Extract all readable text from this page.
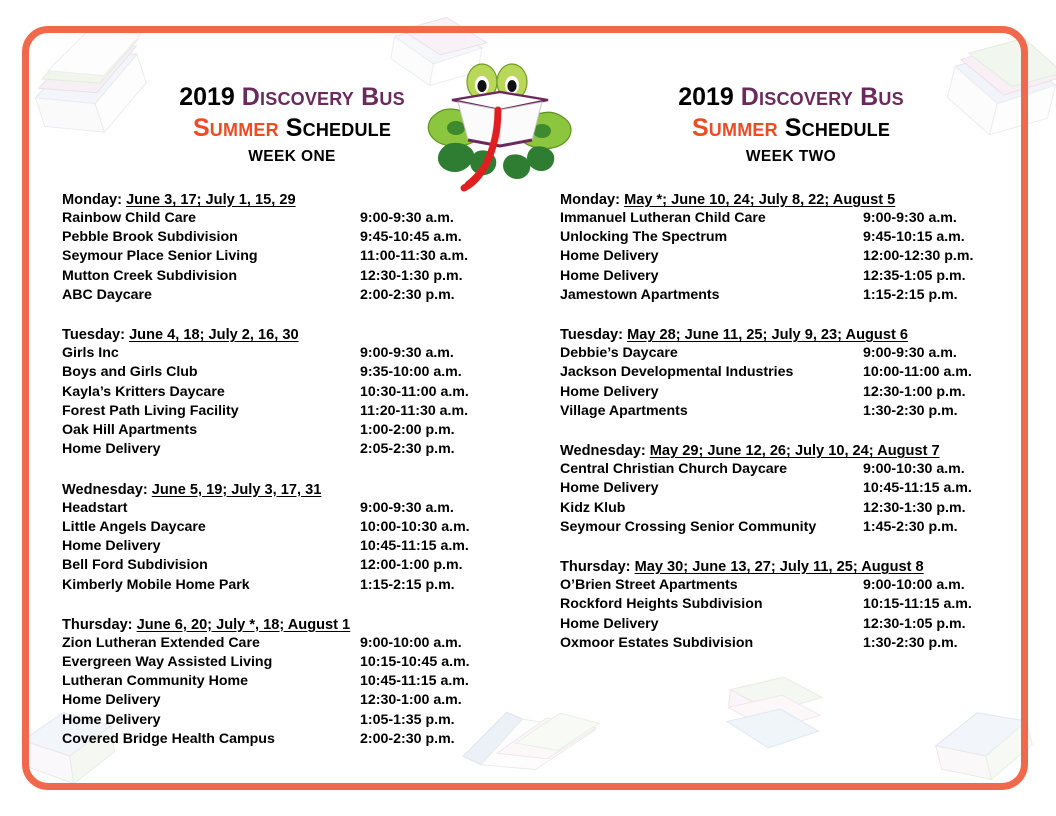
2019 Discovery Bus
Summer Schedule
WEEK ONE
Monday: June 3, 17; July 1, 15, 29
Rainbow Child Care	9:00-9:30 a.m.
Pebble Brook Subdivision	9:45-10:45 a.m.
Seymour Place Senior Living	11:00-11:30 a.m.
Mutton Creek Subdivision	12:30-1:30 p.m.
ABC Daycare	2:00-2:30 p.m.
Tuesday: June 4, 18; July 2, 16, 30
Girls Inc	9:00-9:30 a.m.
Boys and Girls Club	9:35-10:00 a.m.
Kayla’s Kritters Daycare	10:30-11:00 a.m.
Forest Path Living Facility	11:20-11:30 a.m.
Oak Hill Apartments	1:00-2:00 p.m.
Home Delivery	2:05-2:30 p.m.
Wednesday: June 5, 19; July 3, 17, 31
Headstart	9:00-9:30 a.m.
Little Angels Daycare	10:00-10:30 a.m.
Home Delivery	10:45-11:15 a.m.
Bell Ford Subdivision	12:00-1:00 p.m.
Kimberly Mobile Home Park	1:15-2:15 p.m.
Thursday: June 6, 20; July *, 18; August 1
Zion Lutheran Extended Care	9:00-10:00 a.m.
Evergreen Way Assisted Living	10:15-10:45 a.m.
Lutheran Community Home	10:45-11:15 a.m.
Home Delivery	12:30-1:00 a.m.
Home Delivery	1:05-1:35 p.m.
Covered Bridge Health Campus	2:00-2:30 p.m.
2019 Discovery Bus
Summer Schedule
WEEK TWO
Monday: May *; June 10, 24; July 8, 22; August 5
Immanuel Lutheran Child Care	9:00-9:30 a.m.
Unlocking The Spectrum	9:45-10:15 a.m.
Home Delivery	12:00-12:30 p.m.
Home Delivery	12:35-1:05 p.m.
Jamestown Apartments	1:15-2:15 p.m.
Tuesday: May 28; June 11, 25; July 9, 23; August 6
Debbie’s Daycare	9:00-9:30 a.m.
Jackson Developmental Industries	10:00-11:00 a.m.
Home Delivery	12:30-1:00 p.m.
Village Apartments	1:30-2:30 p.m.
Wednesday: May 29; June 12, 26; July 10, 24; August 7
Central Christian Church Daycare	9:00-10:30 a.m.
Home Delivery	10:45-11:15 a.m.
Kidz Klub	12:30-1:30 p.m.
Seymour Crossing Senior Community	1:45-2:30 p.m.
Thursday: May 30; June 13, 27; July 11, 25; August 8
O’Brien Street Apartments	9:00-10:00 a.m.
Rockford Heights Subdivision	10:15-11:15 a.m.
Home Delivery	12:30-1:05 p.m.
Oxmoor Estates Subdivision	1:30-2:30 p.m.
